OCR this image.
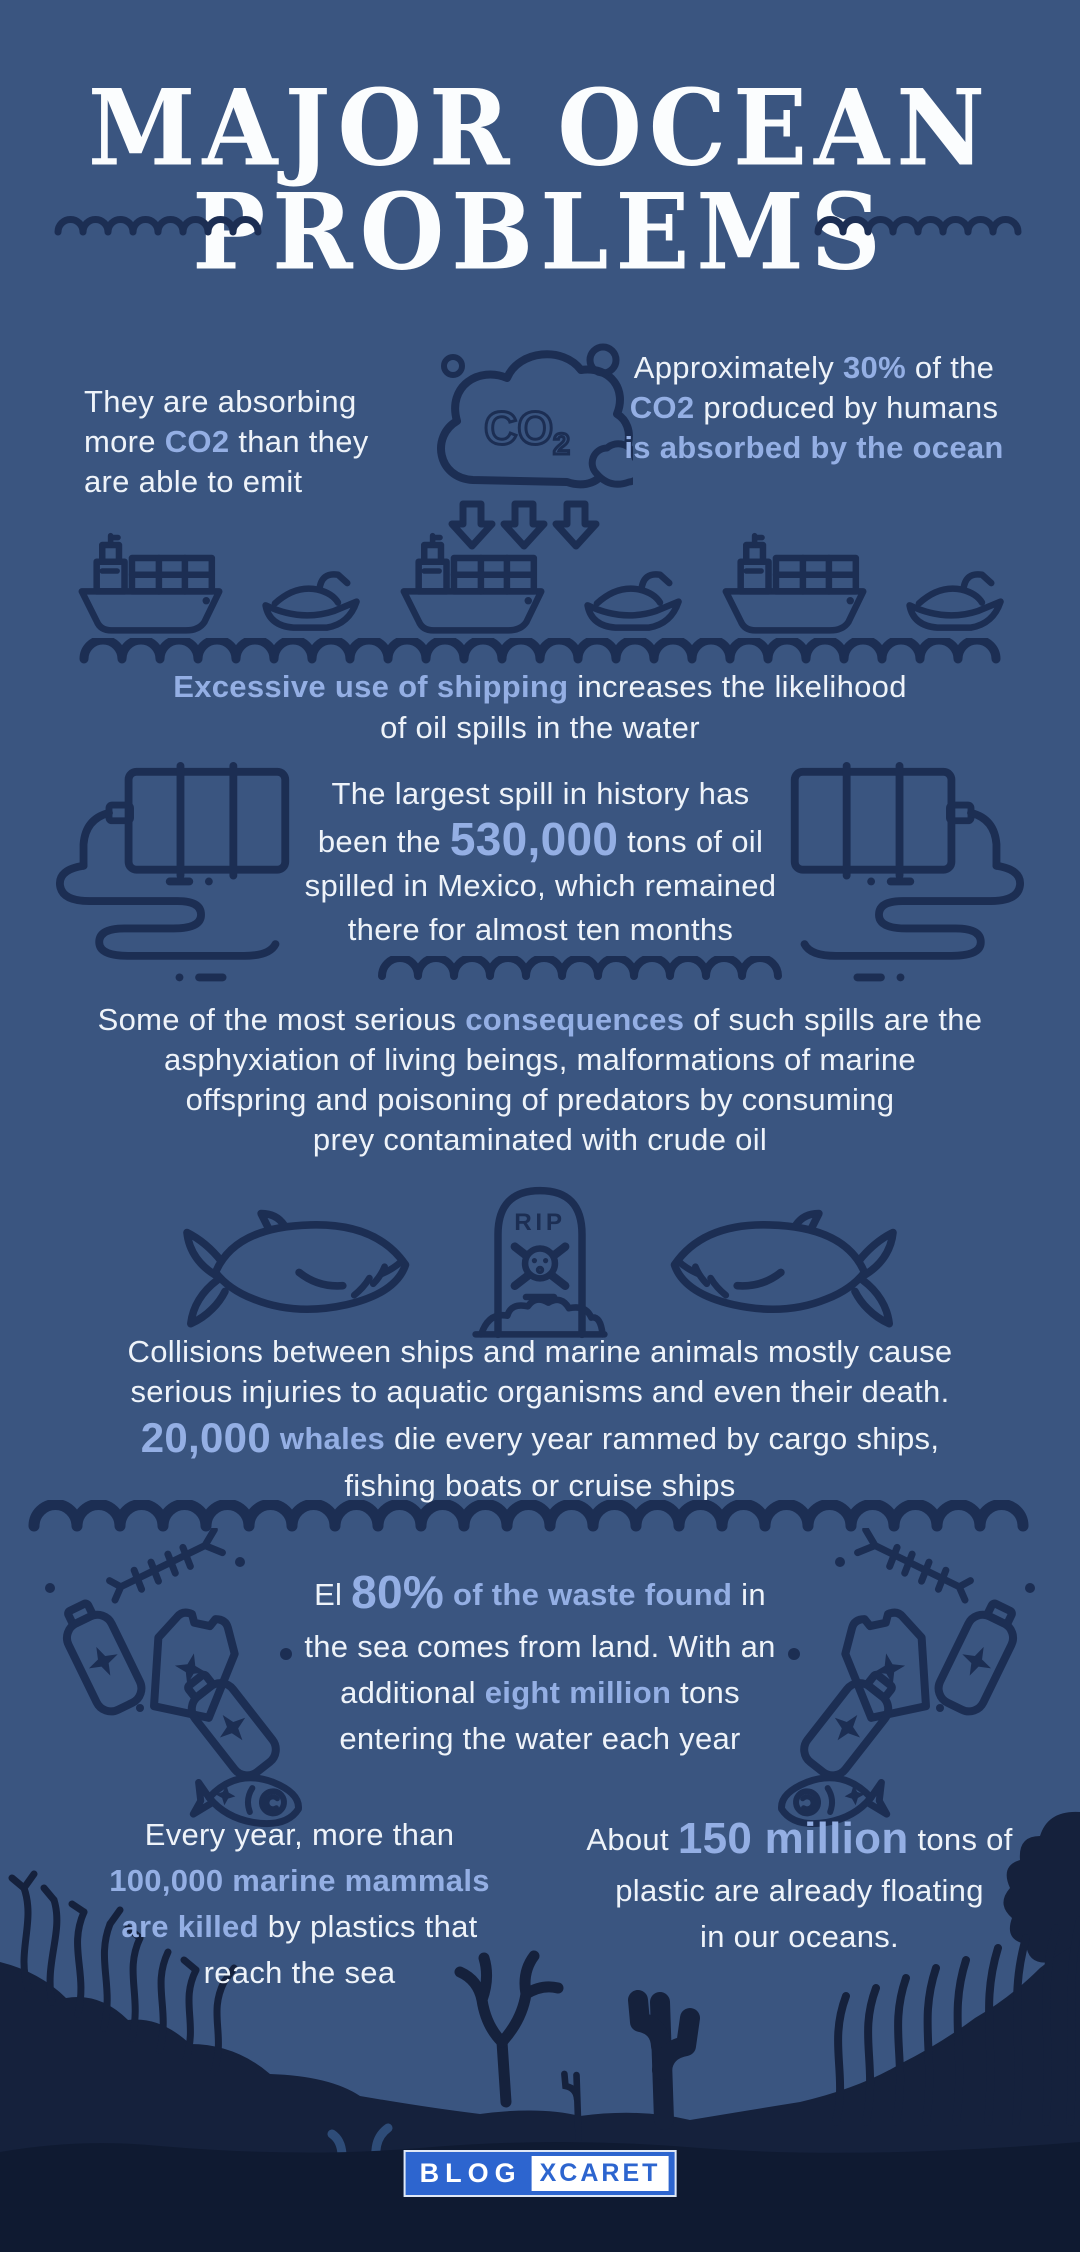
MAJOR OCEAN
PROBLEMS
They are absorbing
more CO2 than they
are able to emit
$CO_2$
Approximately 30% of the
CO2 produced by humans
is absorbed by the ocean
Excessive use of shipping increases the likelihood
of oil spills in the water
The largest spill in history has
been the 530,000 tons of oil
spilled in Mexico, which remained
there for almost ten months
Some of the most serious consequences of such spills are the
asphyxiation of living beings, malformations of marine
offspring and poisoning of predators by consuming
prey contaminated with crude oil
RIP
Collisions between ships and marine animals mostly cause
serious injuries to aquatic organisms and even their death.
20,000 whales die every year rammed by cargo ships,
fishing boats or cruise ships
El 80% of the waste found in
the sea comes from land. With an
additional eight million tons
entering the water each year
Every year, more than
100,000 marine mammals
are killed by plastics that
reach the sea
About 150 million tons of
plastic are already floating
in our oceans.
BLOG XCARET
